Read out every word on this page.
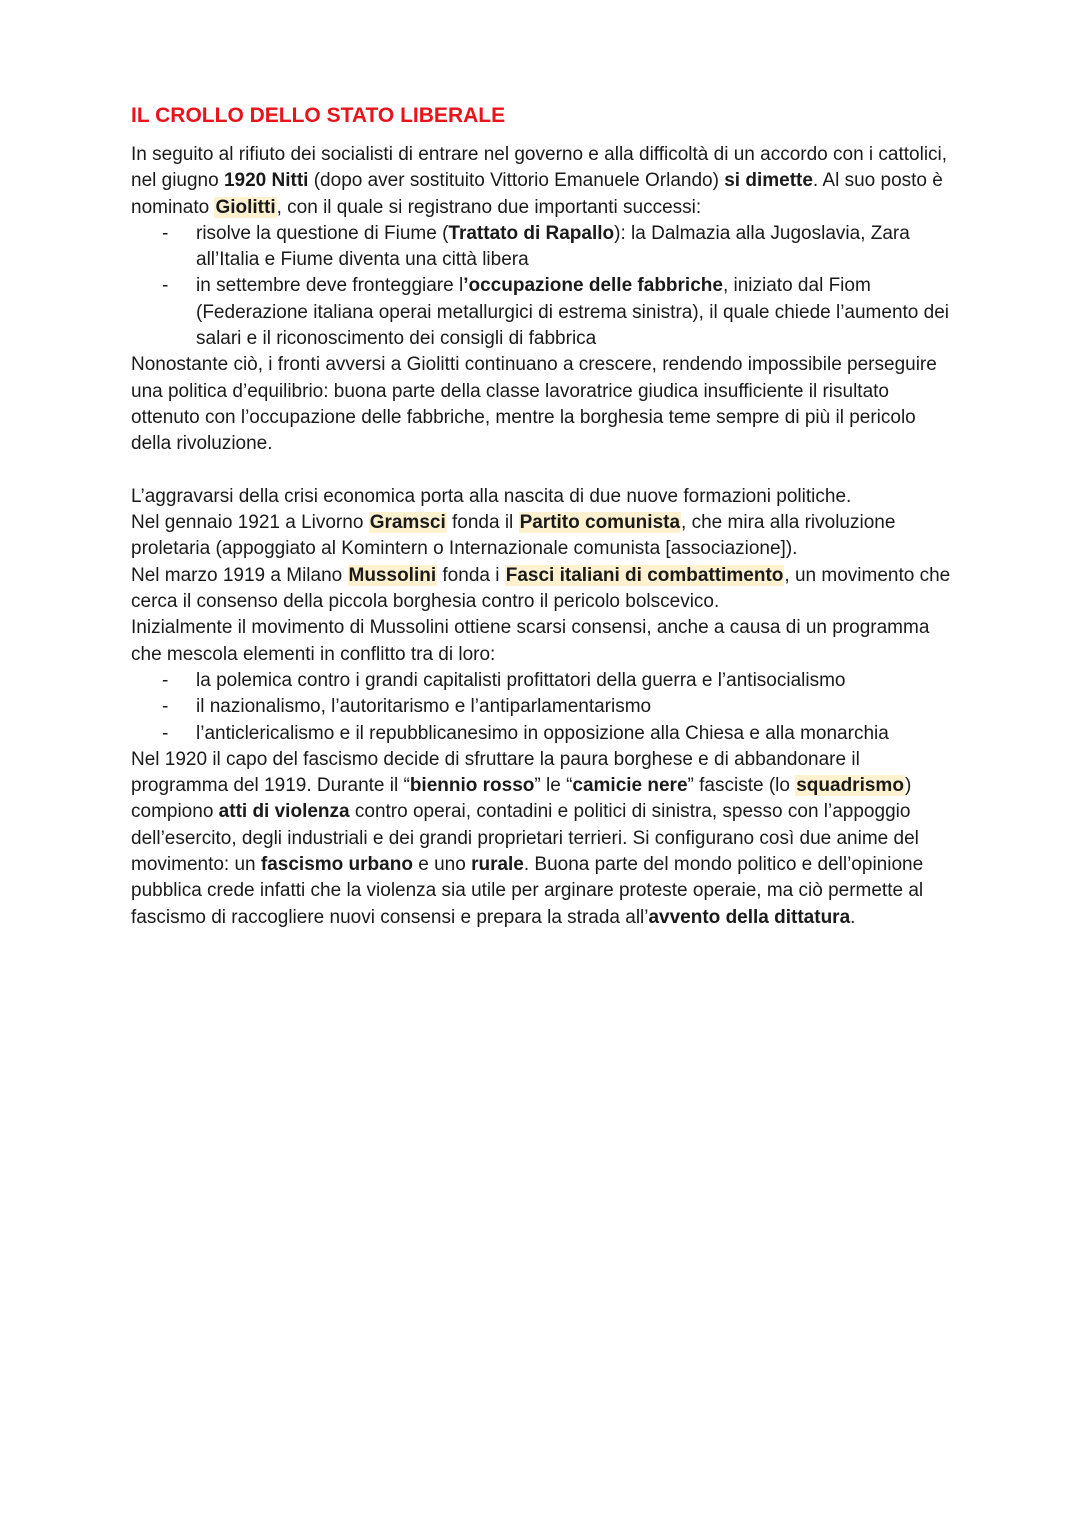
IL CROLLO DELLO STATO LIBERALE

In seguito al rifiuto dei socialisti di entrare nel governo e alla difficoltà di un accordo con i cattolici, nel giugno 1920 Nitti (dopo aver sostituito Vittorio Emanuele Orlando) si dimette. Al suo posto è nominato Giolitti, con il quale si registrano due importanti successi:

- risolve la questione di Fiume (Trattato di Rapallo): la Dalmazia alla Jugoslavia, Zara all’Italia e Fiume diventa una città libera
- in settembre deve fronteggiare l’occupazione delle fabbriche, iniziato dal Fiom (Federazione italiana operai metallurgici di estrema sinistra), il quale chiede l’aumento dei salari e il riconoscimento dei consigli di fabbrica

Nonostante ciò, i fronti avversi a Giolitti continuano a crescere, rendendo impossibile perseguire una politica d’equilibrio: buona parte della classe lavoratrice giudica insufficiente il risultato ottenuto con l’occupazione delle fabbriche, mentre la borghesia teme sempre di più il pericolo della rivoluzione.

L’aggravarsi della crisi economica porta alla nascita di due nuove formazioni politiche.
Nel gennaio 1921 a Livorno Gramsci fonda il Partito comunista, che mira alla rivoluzione proletaria (appoggiato al Komintern o Internazionale comunista [associazione]).
Nel marzo 1919 a Milano Mussolini fonda i Fasci italiani di combattimento, un movimento che cerca il consenso della piccola borghesia contro il pericolo bolscevico.
Inizialmente il movimento di Mussolini ottiene scarsi consensi, anche a causa di un programma che mescola elementi in conflitto tra di loro:

- la polemica contro i grandi capitalisti profittatori della guerra e l’antisocialismo
- il nazionalismo, l’autoritarismo e l’antiparlamentarismo
- l’anticlericalismo e il repubblicanesimo in opposizione alla Chiesa e alla monarchia

Nel 1920 il capo del fascismo decide di sfruttare la paura borghese e di abbandonare il programma del 1919. Durante il “biennio rosso” le “camicie nere” fasciste (lo squadrismo) compiono atti di violenza contro operai, contadini e politici di sinistra, spesso con l’appoggio dell’esercito, degli industriali e dei grandi proprietari terrieri. Si configurano così due anime del movimento: un fascismo urbano e uno rurale. Buona parte del mondo politico e dell’opinione pubblica crede infatti che la violenza sia utile per arginare proteste operaie, ma ciò permette al fascismo di raccogliere nuovi consensi e prepara la strada all’avvento della dittatura.
